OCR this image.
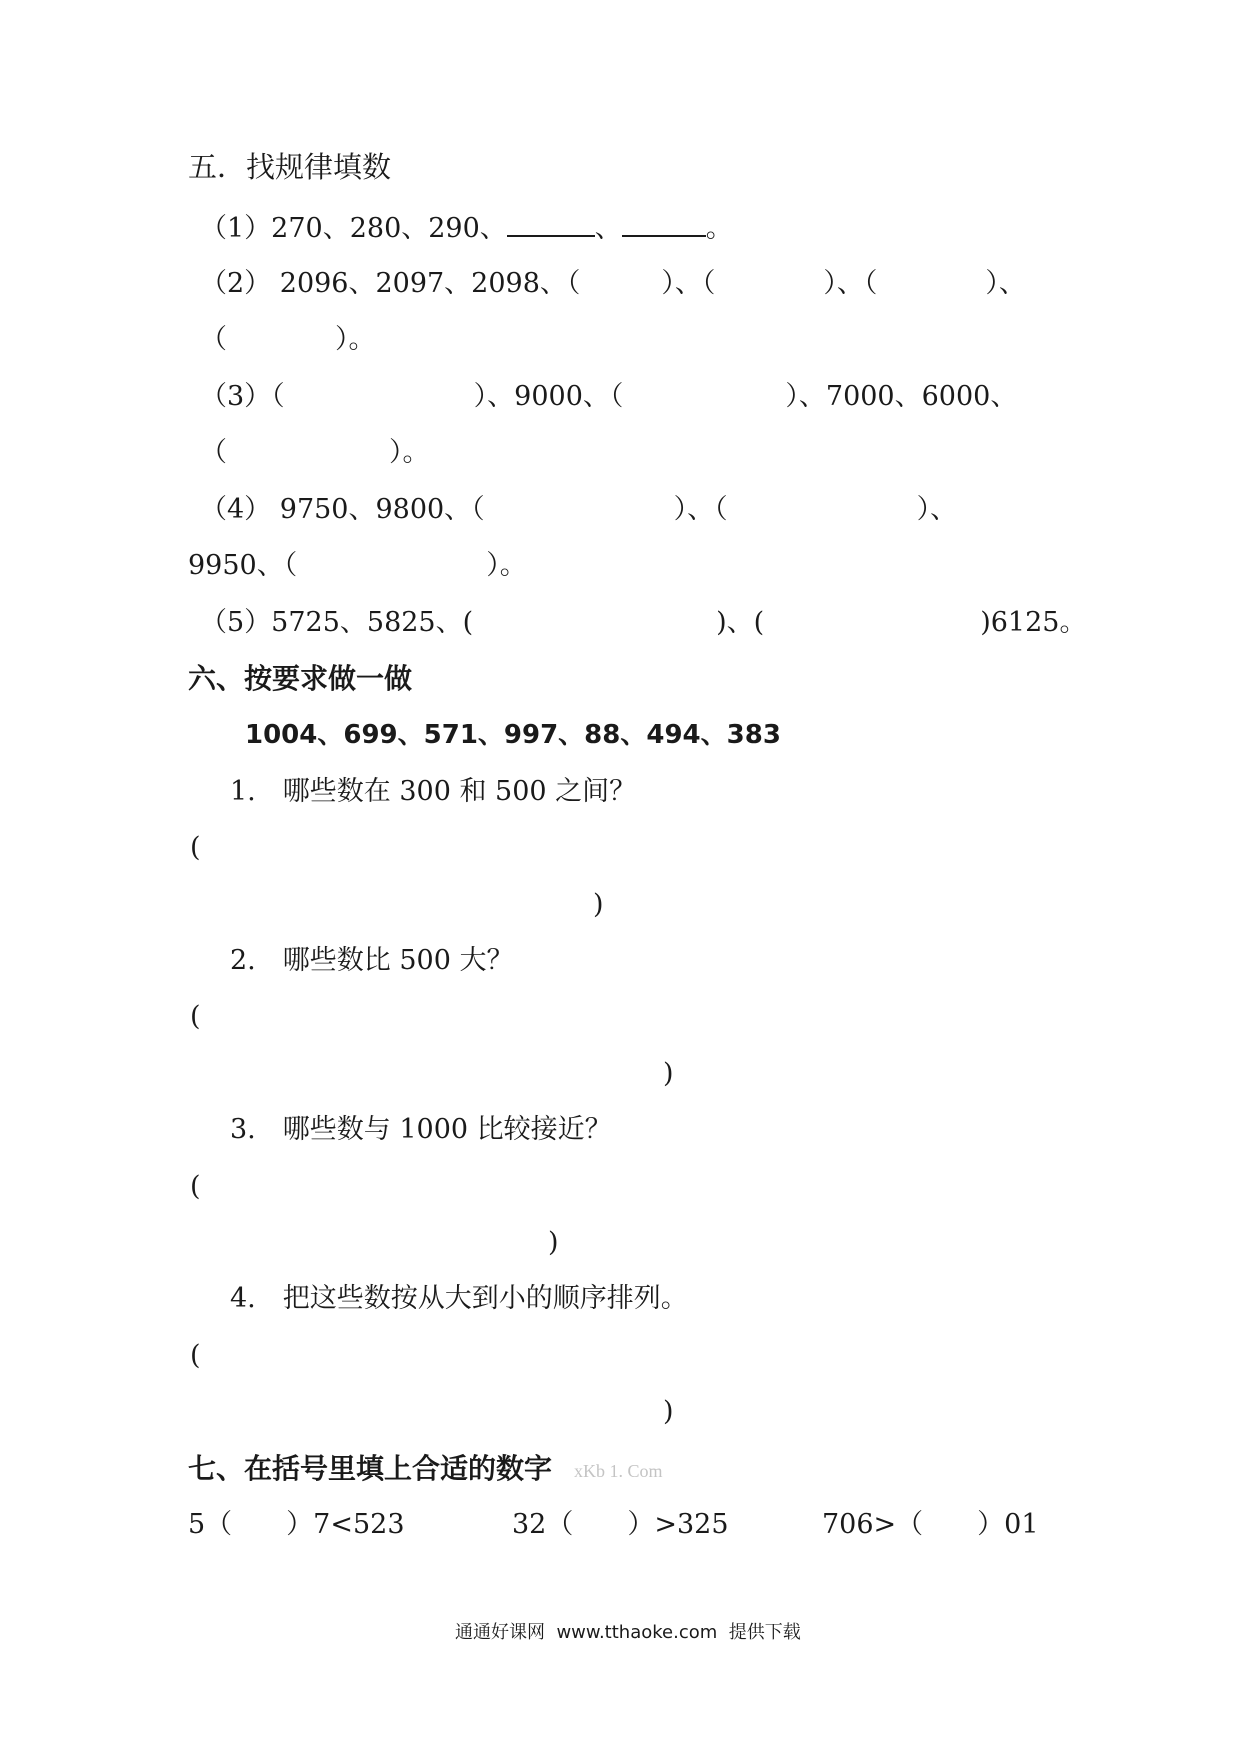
五．找规律填数
（1）270、280、290、	、	。
（2） 2096、2097、2098、（　　　）、（　　　　）、（　　　　）、
（　　　　）。
（3）（　　　　　　　）、9000、（　　　　　　）、7000、6000、
（　　　　　　）。
（4） 9750、9800、（　　　　　　　）、（　　　　　　　）、
9950、（　　　　　　　）。
（5）5725、5825、(　　　　　　　　　)、(　　　　　　　　)6125。
六、按要求做一做
1004、699、571、997、88、494、383
1.　哪些数在 300 和 500 之间？
(
)
2.　哪些数比 500 大？
(
)
3.　哪些数与 1000 比较接近？
(
)
4.　把这些数按从大到小的顺序排列。
(
)
七、在括号里填上合适的数字 xKb 1. Com
5（　　）7<523	32（　　）>325	706>（　　）01
通通好课网  www.tthaoke.com  提供下载
